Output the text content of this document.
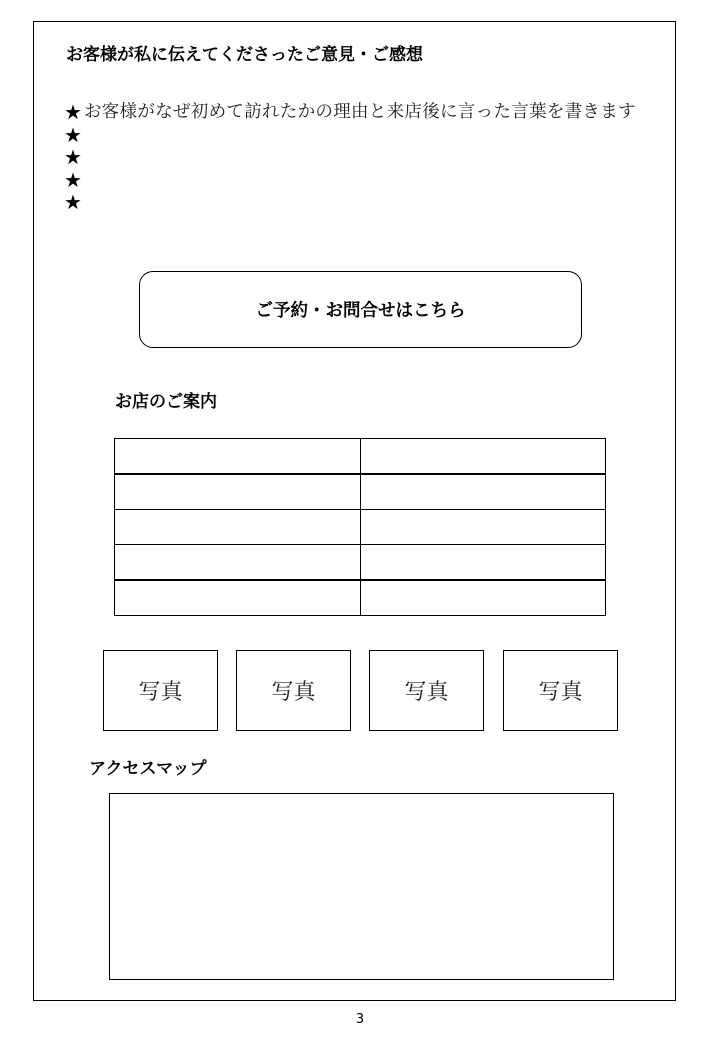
お客様が私に伝えてくださったご意見・ご感想
★ お客様がなぜ初めて訪れたかの理由と来店後に言った言葉を書きます
★
★
★
★
ご予約・お問合せはこちら
お店のご案内

写真	写真	写真	写真
アクセスマップ
3
